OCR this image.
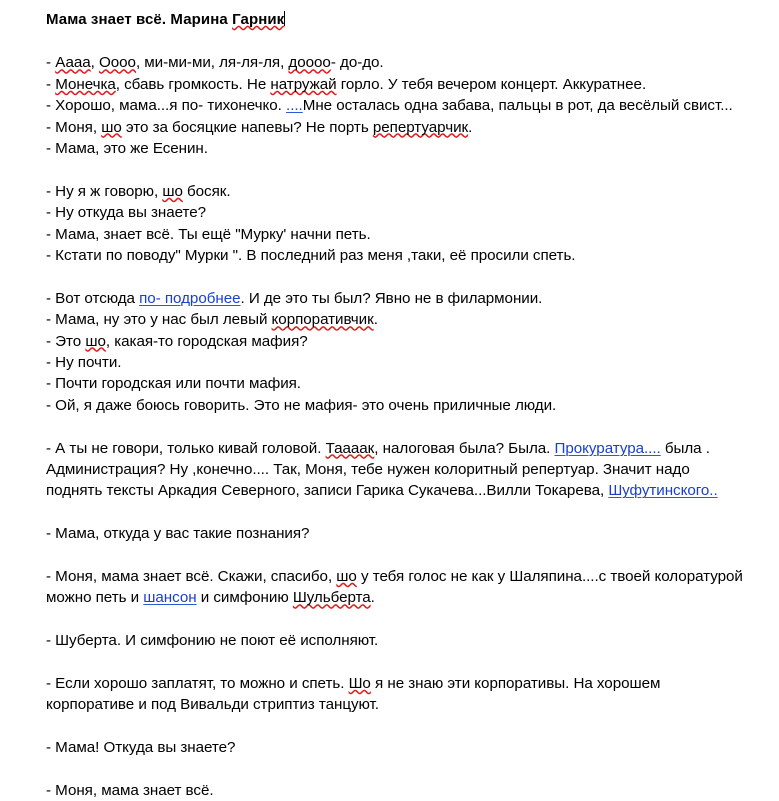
Мама знает всё. Марина Гарник

- Аааа, Оооо, ми-ми-ми, ля-ля-ля, дооoo- до-до.

- Монечка, сбавь громкость. Не натружай горло. У тебя вечером концерт. Аккуратнее.

- Хорошо, мама...я по- тихонечко. ....Мне осталась одна забава, пальцы в рот, да весёлый свист...

- Моня, шо это за босяцкие напевы? Не порть репертуарчик.

- Мама, это же Есенин.

- Ну я ж говорю, шо босяк.

- Ну откуда вы знаете?

- Мама, знает всё. Ты ещё "Мурку' начни петь.

- Кстати по поводу" Мурки ". В последний раз меня ,таки, её просили спеть.

- Вот отсюда по- подробнее. И де это ты был? Явно не в филармонии.

- Мама, ну это у нас был левый корпоративчик.

- Это шо, какая-то городская мафия?

- Ну почти.

- Почти городская или почти мафия.

- Ой, я даже боюсь говорить. Это не мафия- это очень приличные люди.

- А ты не говори, только кивай головой. Таааак, налоговая была? Была. Прокуратура.... была . Администрация? Ну ,конечно.... Так, Моня, тебе нужен колоритный репертуар. Значит надо поднять тексты Аркадия Северного, записи Гарика Сукачева...Вилли Токарева, Шуфутинского..

- Мама, откуда у вас такие познания?

- Моня, мама знает всё. Скажи, спасибо, шо у тебя голос не как у Шаляпина....с твоей колоратурой можно петь и шансон и симфонию Шульберта.

- Шуберта. И симфонию не поют её исполняют.

- Если хорошо заплатят, то можно и спеть. Шо я не знаю эти корпоративы. На хорошем корпоративе и под Вивальди стриптиз танцуют.

- Мама! Откуда вы знаете?

- Моня, мама знает всё.
